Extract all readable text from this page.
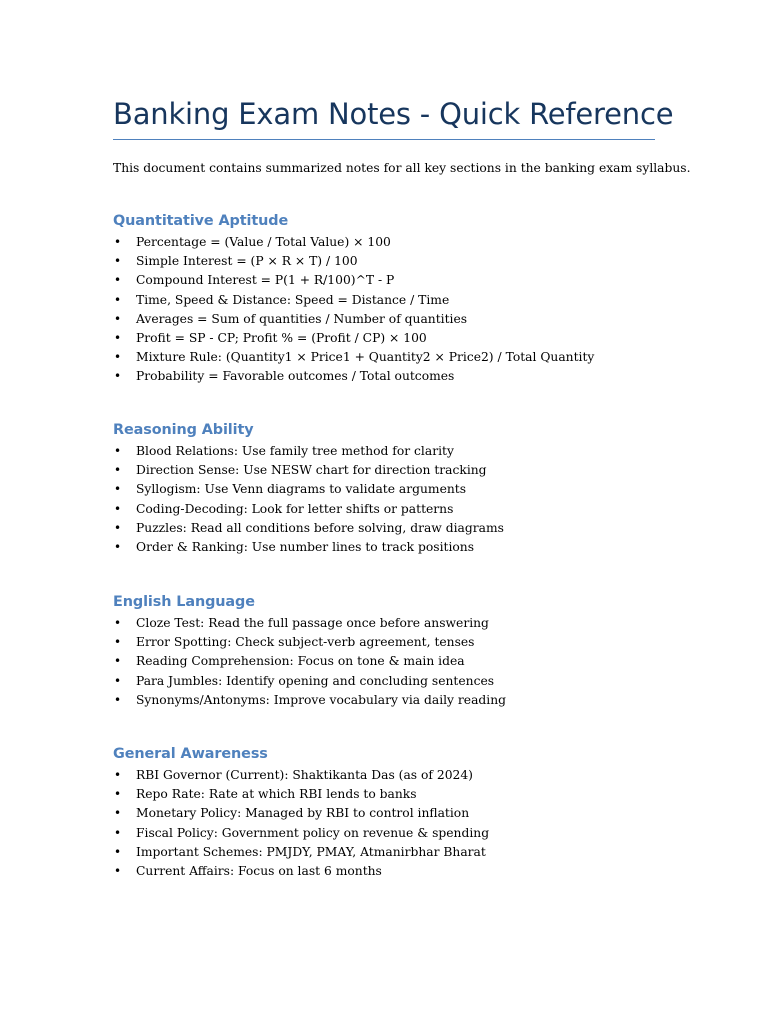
Banking Exam Notes - Quick Reference

This document contains summarized notes for all key sections in the banking exam syllabus.

Quantitative Aptitude
•	Percentage = (Value / Total Value) × 100
•	Simple Interest = (P × R × T) / 100
•	Compound Interest = P(1 + R/100)^T - P
•	Time, Speed & Distance: Speed = Distance / Time
•	Averages = Sum of quantities / Number of quantities
•	Profit = SP - CP; Profit % = (Profit / CP) × 100
•	Mixture Rule: (Quantity1 × Price1 + Quantity2 × Price2) / Total Quantity
•	Probability = Favorable outcomes / Total outcomes
Reasoning Ability
•	Blood Relations: Use family tree method for clarity
•	Direction Sense: Use NESW chart for direction tracking
•	Syllogism: Use Venn diagrams to validate arguments
•	Coding-Decoding: Look for letter shifts or patterns
•	Puzzles: Read all conditions before solving, draw diagrams
•	Order & Ranking: Use number lines to track positions
English Language
•	Cloze Test: Read the full passage once before answering
•	Error Spotting: Check subject-verb agreement, tenses
•	Reading Comprehension: Focus on tone & main idea
•	Para Jumbles: Identify opening and concluding sentences
•	Synonyms/Antonyms: Improve vocabulary via daily reading
General Awareness
•	RBI Governor (Current): Shaktikanta Das (as of 2024)
•	Repo Rate: Rate at which RBI lends to banks
•	Monetary Policy: Managed by RBI to control inflation
•	Fiscal Policy: Government policy on revenue & spending
•	Important Schemes: PMJDY, PMAY, Atmanirbhar Bharat
•	Current Affairs: Focus on last 6 months
